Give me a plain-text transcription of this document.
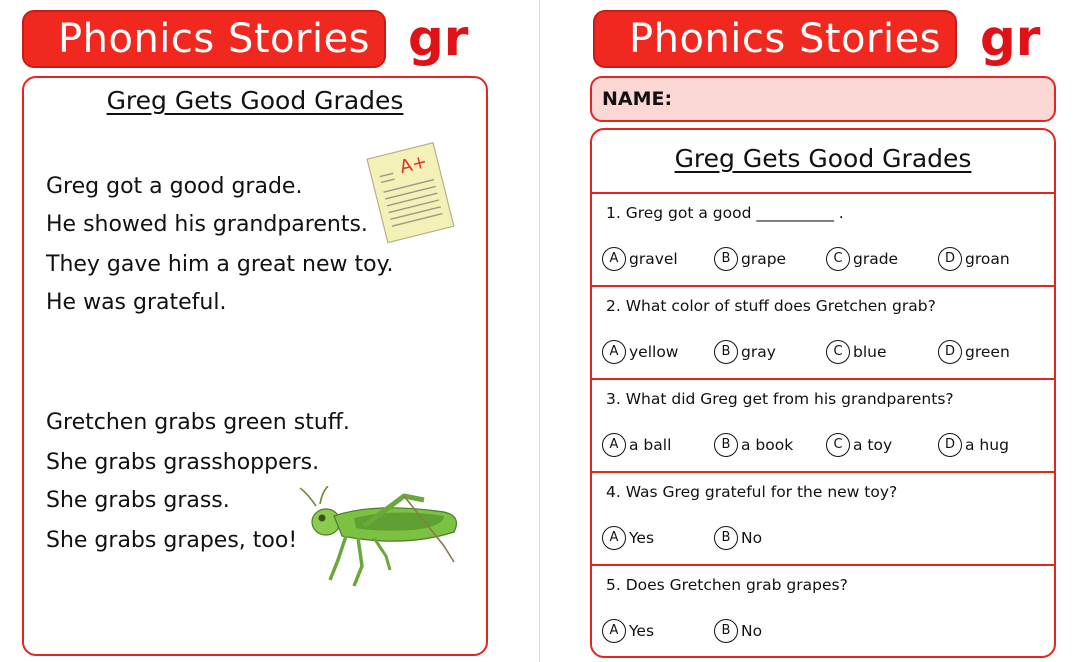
Phonics Stories gr
Greg Gets Good Grades
Greg got a good grade.
He showed his grandparents.
They gave him a great new toy.
He was grateful.
Gretchen grabs green stuff.
She grabs grasshoppers.
She grabs grass.
She grabs grapes, too!
A+
Phonics Stories gr
NAME:
Greg Gets Good Grades
1. Greg got a good __________ .
A gravel	B grape	C grade	D groan
2. What color of stuff does Gretchen grab?
A yellow	B gray	C blue	D green
3. What did Greg get from his grandparents?
A a ball	B a book	C a toy	D a hug
4. Was Greg grateful for the new toy?
A Yes	B No
5. Does Gretchen grab grapes?
A Yes	B No
